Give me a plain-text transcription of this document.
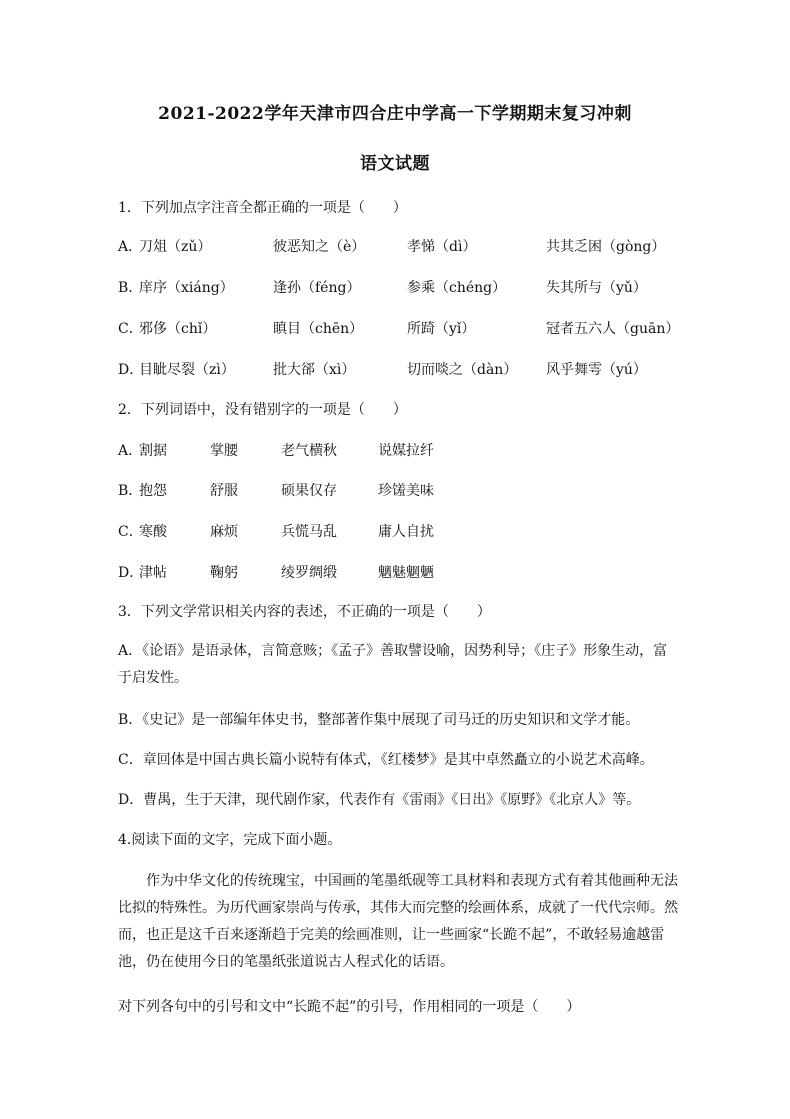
2021-2022学年天津市四合庄中学高一下学期期末复习冲刺
语文试题
1．下列加点字注音全都正确的一项是（　　）
A．
刀俎（zǔ）	彼恶知之（è）	孝悌（dì）	共其乏困（gòng）
B．
庠序（xiáng）	逢孙（féng）	参乘（chéng）	失其所与（yǔ）
C．
邪侈（chǐ）	瞋目（chēn）	所踦（yǐ）	冠者五六人（guān）
D．
目眦尽裂（zì）	批大郤（xì）	切而啖之（dàn） 风乎舞雩（yú）
2．下列词语中，没有错别字的一项是（　　）
A．
割据	掌腰	老气横秋	说媒拉纤
B．
抱怨	舒服	硕果仅存	珍馐美味
C．
寒酸	麻烦	兵慌马乱	庸人自扰
D．
津帖	鞠躬	绫罗绸缎	魑魅魍魉
3．下列文学常识相关内容的表述，不正确的一项是（　　）
A．《论语》是语录体，言简意赅；《孟子》善取譬设喻，因势利导；《庄子》形象生动，富于启发性。
B．《史记》是一部编年体史书，整部著作集中展现了司马迁的历史知识和文学才能。
C．章回体是中国古典长篇小说特有体式，《红楼梦》是其中卓然矗立的小说艺术高峰。
D．曹禺，生于天津，现代剧作家，代表作有《雷雨》《日出》《原野》《北京人》等。
4.阅读下面的文字，完成下面小题。
作为中华文化的传统瑰宝，中国画的笔墨纸砚等工具材料和表现方式有着其他画种无法比拟的特殊性。为历代画家崇尚与传承，其伟大而完整的绘画体系，成就了一代代宗师。然而，也正是这千百来逐渐趋于完美的绘画准则，让一些画家“长跪不起”，不敢轻易逾越雷池，仍在使用今日的笔墨纸张道说古人程式化的话语。
对下列各句中的引号和文中“长跪不起”的引号，作用相同的一项是（　　）
